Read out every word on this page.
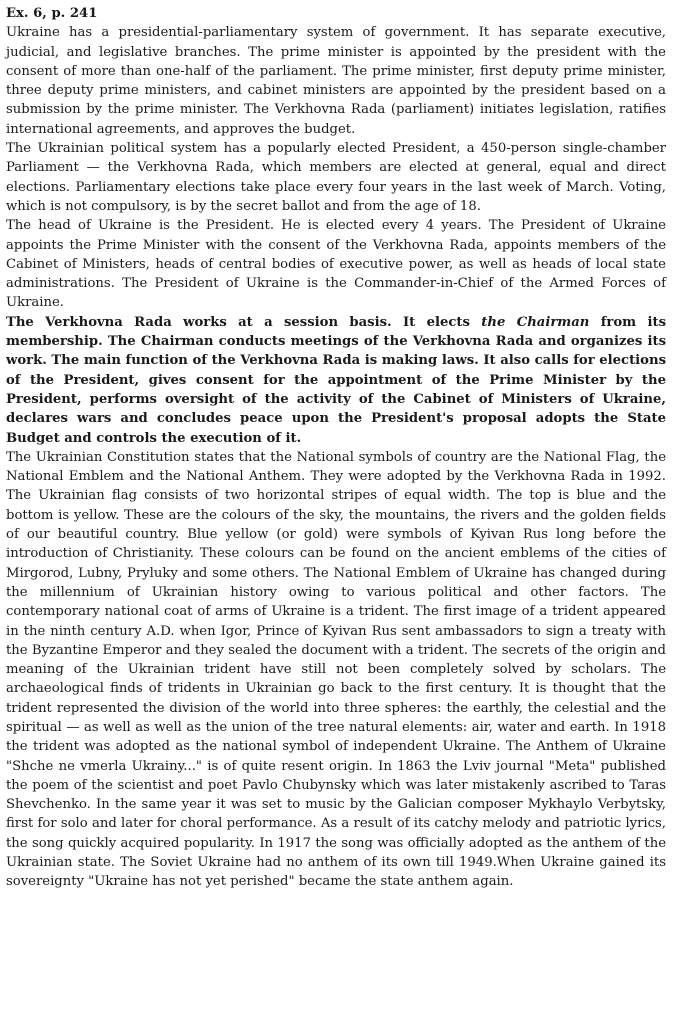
Ex. 6, p. 241

Ukraine has a presidential-parliamentary system of government. It has separate executive, judicial, and legislative branches. The prime minister is appointed by the president with the consent of more than one-half of the parliament. The prime minister, first deputy prime minister, three deputy prime ministers, and cabinet ministers are appointed by the president based on a submission by the prime minister. The Verkhovna Rada (parliament) initiates legislation, ratifies international agreements, and approves the budget.

The Ukrainian political system has a popularly elected President, a 450-person single-chamber Parliament — the Verkhovna Rada, which members are elected at general, equal and direct elections. Parliamentary elections take place every four years in the last week of March. Voting, which is not compulsory, is by the secret ballot and from the age of 18.

The head of Ukraine is the President. He is elected every 4 years. The President of Ukraine appoints the Prime Minister with the consent of the Verkhovna Rada, appoints members of the Cabinet of Ministers, heads of central bodies of executive power, as well as heads of local state administrations. The President of Ukraine is the Commander-in-Chief of the Armed Forces of Ukraine.

The Verkhovna Rada works at a session basis. It elects the Chairman from its membership. The Chairman conducts meetings of the Verkhovna Rada and organizes its work. The main function of the Verkhovna Rada is making laws. It also calls for elections of the President, gives consent for the appointment of the Prime Minister by the President, performs oversight of the activity of the Cabinet of Ministers of Ukraine, declares wars and concludes peace upon the President's proposal adopts the State Budget and controls the execution of it.

The Ukrainian Constitution states that the National symbols of country are the National Flag, the National Emblem and the National Anthem. They were adopted by the Verkhovna Rada in 1992. The Ukrainian flag consists of two horizontal stripes of equal width. The top is blue and the bottom is yellow. These are the colours of the sky, the mountains, the rivers and the golden fields of our beautiful country. Blue yellow (or gold) were symbols of Kyivan Rus long before the introduction of Christianity. These colours can be found on the ancient emblems of the cities of Mirgorod, Lubny, Pryluky and some others. The National Emblem of Ukraine has changed during the millennium of Ukrainian history owing to various political and other factors. The contemporary national coat of arms of Ukraine is a trident. The first image of a trident appeared in the ninth century A.D. when Igor, Prince of Kyivan Rus sent ambassadors to sign a treaty with the Byzantine Emperor and they sealed the document with a trident. The secrets of the origin and meaning of the Ukrainian trident have still not been completely solved by scholars. The archaeological finds of tridents in Ukrainian go back to the first century. It is thought that the trident represented the division of the world into three spheres: the earthly, the celestial and the spiritual — as well as well as the union of the tree natural elements: air, water and earth. In 1918 the trident was adopted as the national symbol of independent Ukraine. The Anthem of Ukraine "Shche ne vmerla Ukrainy..." is of quite resent origin. In 1863 the Lviv journal "Meta" published the poem of the scientist and poet Pavlo Chubynsky which was later mistakenly ascribed to Taras Shevchenko. In the same year it was set to music by the Galician composer Mykhaylo Verbytsky, first for solo and later for choral performance. As a result of its catchy melody and patriotic lyrics, the song quickly acquired popularity. In 1917 the song was officially adopted as the anthem of the Ukrainian state. The Soviet Ukraine had no anthem of its own till 1949.When Ukraine gained its sovereignty "Ukraine has not yet perished" became the state anthem again.
